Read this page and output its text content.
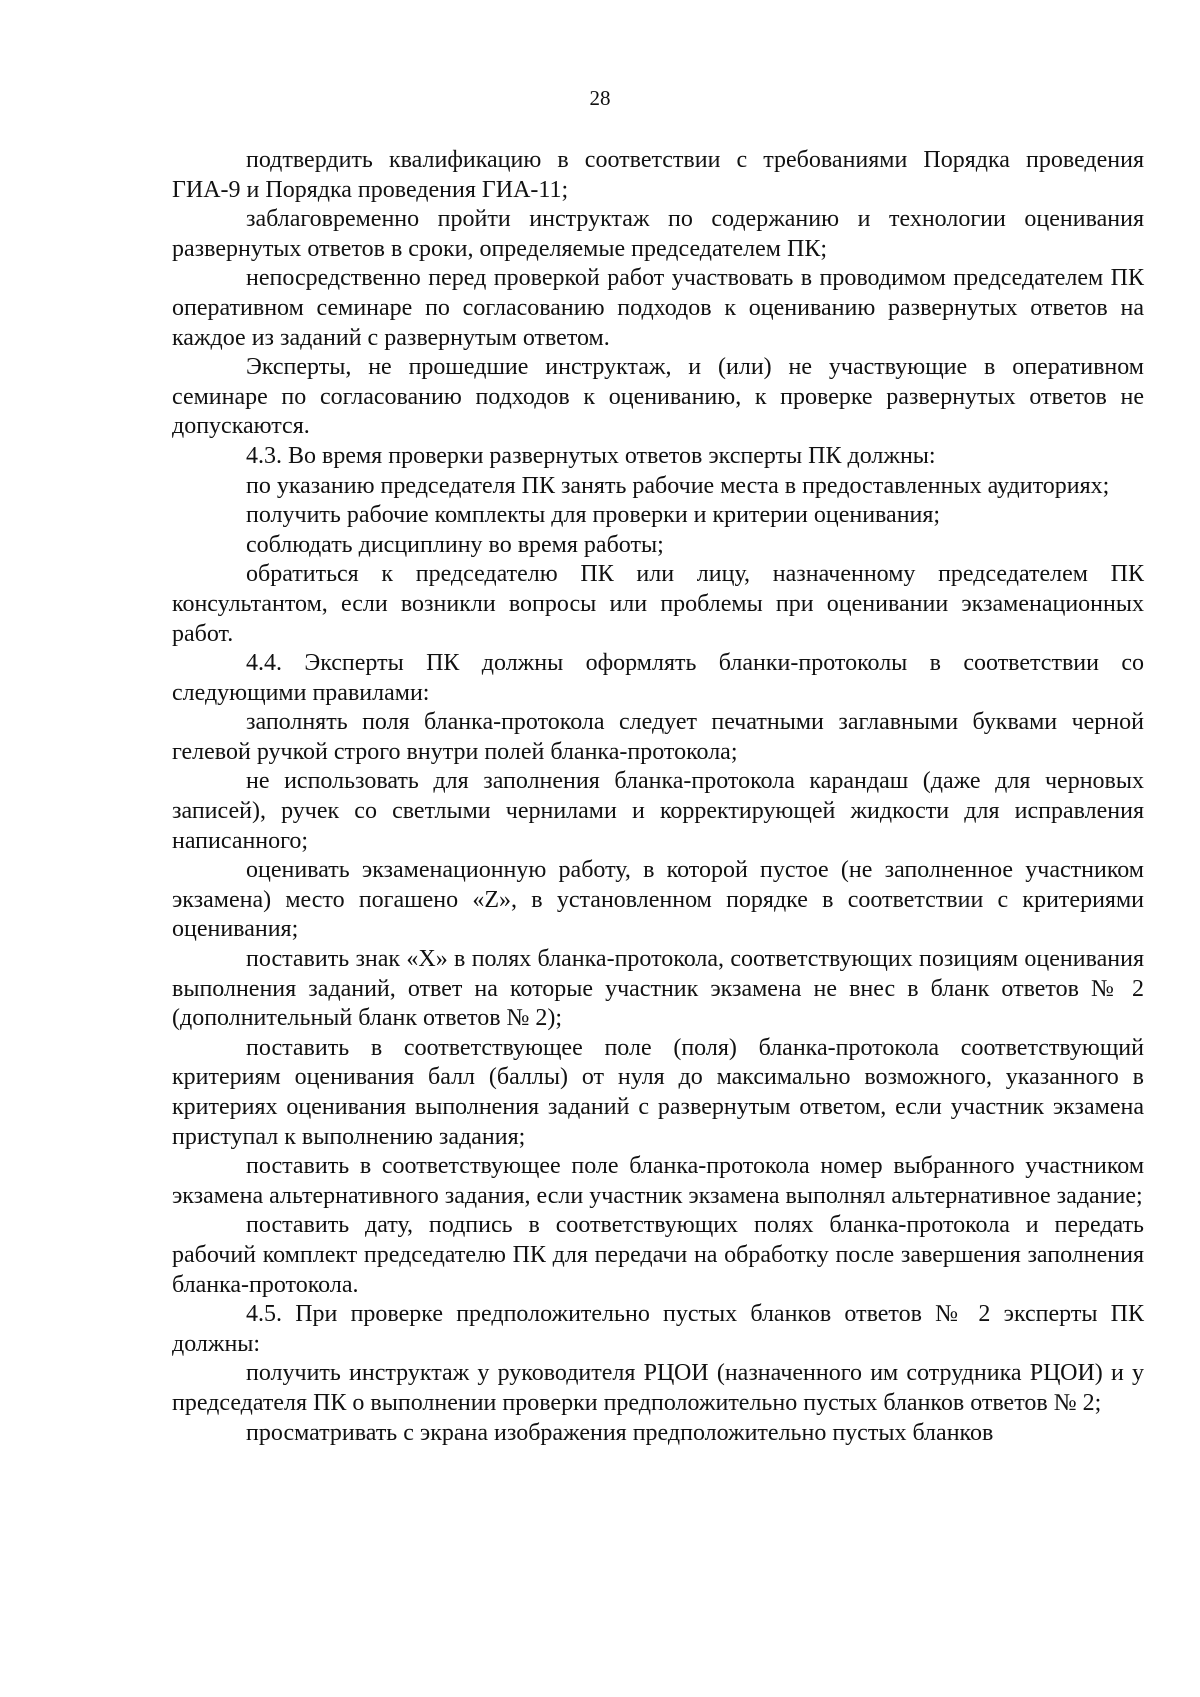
28

подтвердить квалификацию в соответствии с требованиями Порядка проведения ГИА-9 и Порядка проведения ГИА-11;

заблаговременно пройти инструктаж по содержанию и технологии оценивания развернутых ответов в сроки, определяемые председателем ПК;

непосредственно перед проверкой работ участвовать в проводимом председателем ПК оперативном семинаре по согласованию подходов к оцениванию развернутых ответов на каждое из заданий с развернутым ответом.

Эксперты, не прошедшие инструктаж, и (или) не участвующие в оперативном семинаре по согласованию подходов к оцениванию, к проверке развернутых ответов не допускаются.

4.3. Во время проверки развернутых ответов эксперты ПК должны:

по указанию председателя ПК занять рабочие места в предоставленных аудиториях;

получить рабочие комплекты для проверки и критерии оценивания;

соблюдать дисциплину во время работы;

обратиться к председателю ПК или лицу, назначенному председателем ПК консультантом, если возникли вопросы или проблемы при оценивании экзаменационных работ.

4.4. Эксперты ПК должны оформлять бланки-протоколы в соответствии со следующими правилами:

заполнять поля бланка-протокола следует печатными заглавными буквами черной гелевой ручкой строго внутри полей бланка-протокола;

не использовать для заполнения бланка-протокола карандаш (даже для черновых записей), ручек со светлыми чернилами и корректирующей жидкости для исправления написанного;

оценивать экзаменационную работу, в которой пустое (не заполненное участником экзамена) место погашено «Z», в установленном порядке в соответствии с критериями оценивания;

поставить знак «X» в полях бланка-протокола, соответствующих позициям оценивания выполнения заданий, ответ на которые участник экзамена не внес в бланк ответов № 2 (дополнительный бланк ответов № 2);

поставить в соответствующее поле (поля) бланка-протокола соответствующий критериям оценивания балл (баллы) от нуля до максимально возможного, указанного в критериях оценивания выполнения заданий с развернутым ответом, если участник экзамена приступал к выполнению задания;

поставить в соответствующее поле бланка-протокола номер выбранного участником экзамена альтернативного задания, если участник экзамена выполнял альтернативное задание;

поставить дату, подпись в соответствующих полях бланка-протокола и передать рабочий комплект председателю ПК для передачи на обработку после завершения заполнения бланка-протокола.

4.5. При проверке предположительно пустых бланков ответов № 2 эксперты ПК должны:

получить инструктаж у руководителя РЦОИ (назначенного им сотрудника РЦОИ) и у председателя ПК о выполнении проверки предположительно пустых бланков ответов № 2;

просматривать с экрана изображения предположительно пустых бланков
